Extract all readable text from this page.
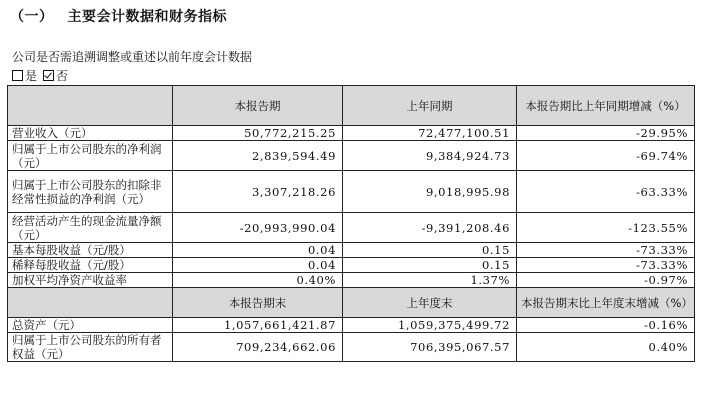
（一） 主要会计数据和财务指标
公司是否需追溯调整或重述以前年度会计数据
是 否
	本报告期	上年同期	本报告期比上年同期增减（%）
营业收入（元）	50,772,215.25	72,477,100.51	-29.95%
归属于上市公司股东的净利润（元）	2,839,594.49	9,384,924.73	-69.74%
归属于上市公司股东的扣除非经常性损益的净利润（元）	3,307,218.26	9,018,995.98	-63.33%
经营活动产生的现金流量净额（元）	-20,993,990.04	-9,391,208.46	-123.55%
基本每股收益（元/股）	0.04	0.15	-73.33%
稀释每股收益（元/股）	0.04	0.15	-73.33%
加权平均净资产收益率	0.40%	1.37%	-0.97%
	本报告期末	上年度末	本报告期末比上年度末增减（%）
总资产（元）	1,057,661,421.87	1,059,375,499.72	-0.16%
归属于上市公司股东的所有者权益（元）	709,234,662.06	706,395,067.57	0.40%
